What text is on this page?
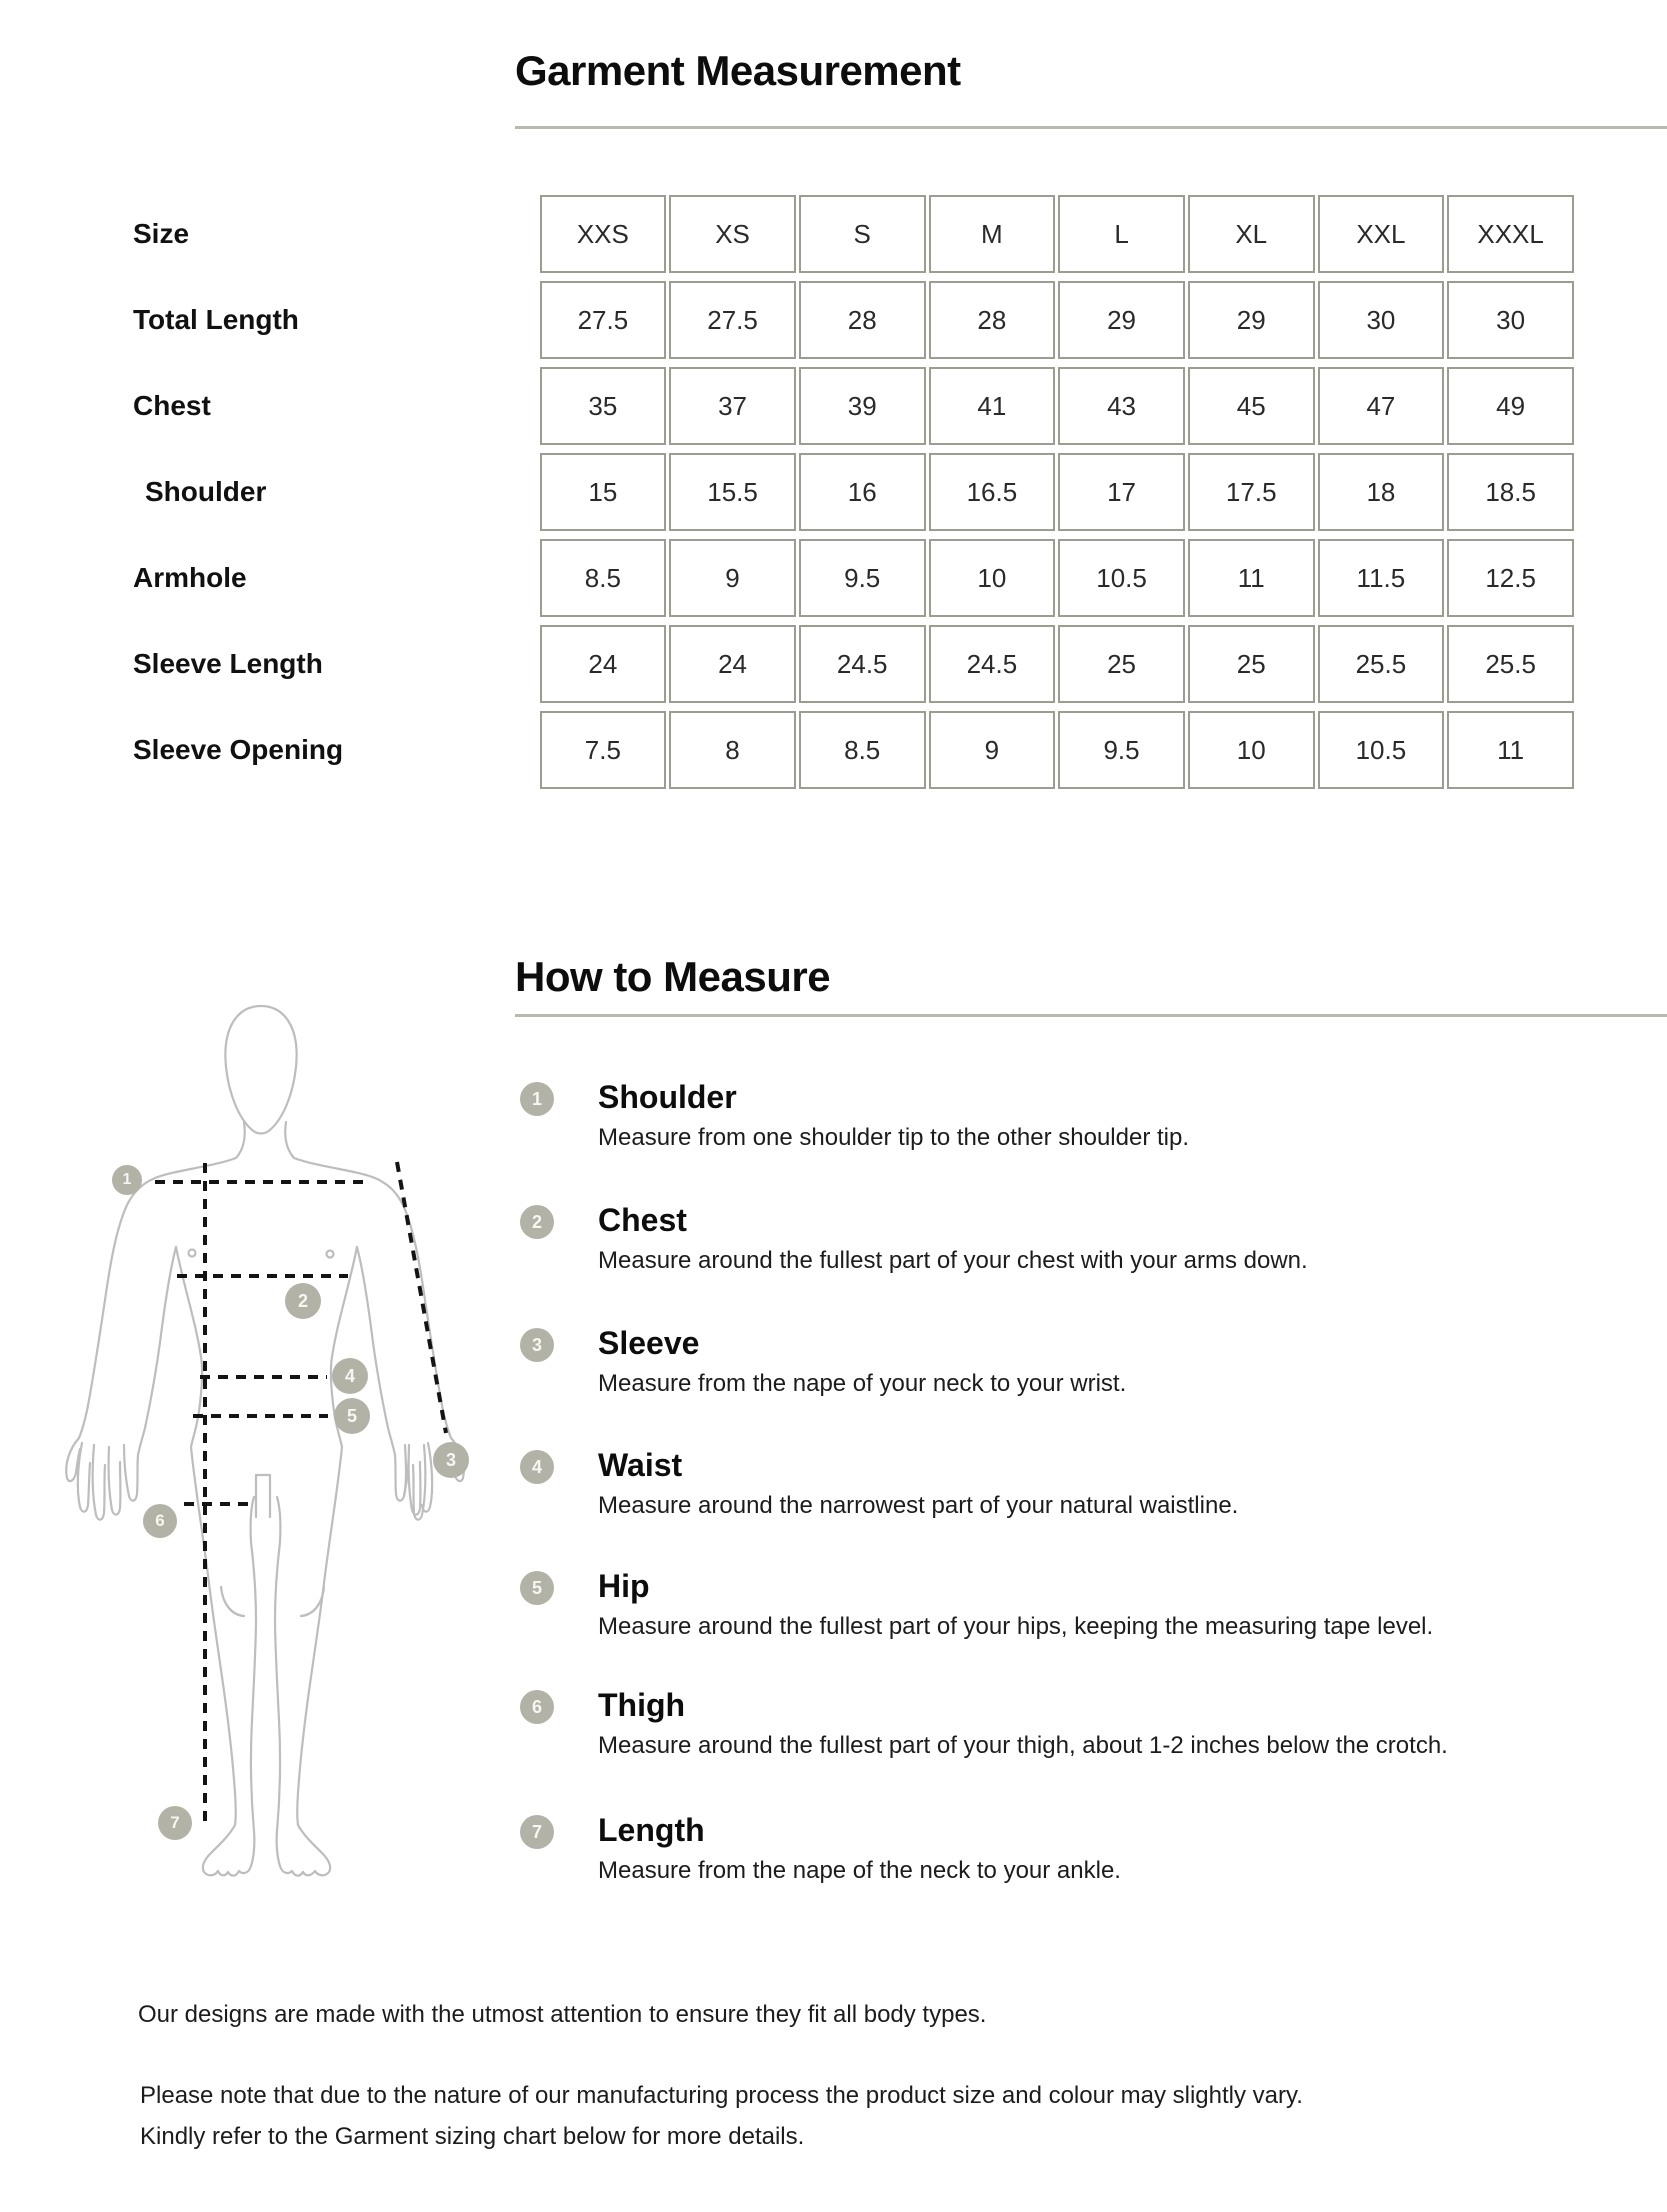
Garment Measurement
Size	XXS	XS	S	M	L	XL	XXL	XXXL
Total Length	27.5	27.5	28	28	29	29	30	30
Chest	35	37	39	41	43	45	47	49
Shoulder	15	15.5	16	16.5	17	17.5	18	18.5
Armhole	8.5	9	9.5	10	10.5	11	11.5	12.5
Sleeve Length	24	24	24.5	24.5	25	25	25.5	25.5
Sleeve Opening	7.5	8	8.5	9	9.5	10	10.5	11
How to Measure
1
2
4
5
3
6
7
1	Shoulder

Measure from one shoulder tip to the other shoulder tip.

2	Chest

Measure around the fullest part of your chest with your arms down.

3	Sleeve

Measure from the nape of your neck to your wrist.

4	Waist

Measure around the narrowest part of your natural waistline.

5	Hip

Measure around the fullest part of your hips, keeping the measuring tape level.

6	Thigh

Measure around the fullest part of your thigh, about 1-2 inches below the crotch.

7	Length

Measure from the nape of the neck to your ankle.

Our designs are made with the utmost attention to ensure they fit all body types.
Please note that due to the nature of our manufacturing process the product size and colour may slightly vary.
Kindly refer to the Garment sizing chart below for more details.
